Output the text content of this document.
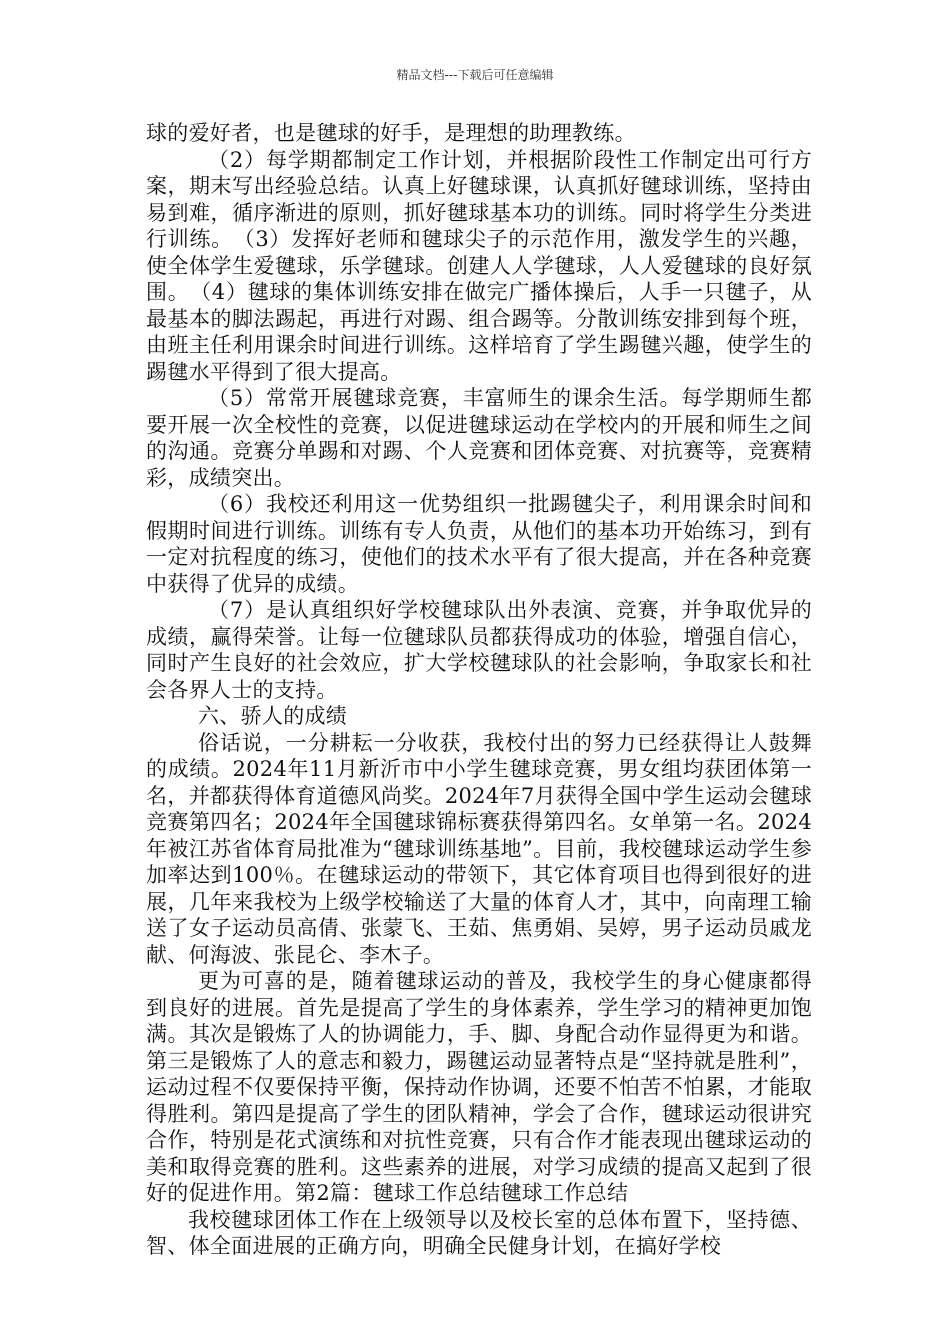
精品文档---下载后可任意编辑

球的爱好者，也是毽球的好手，是理想的助理教练。

（2）每学期都制定工作计划，并根据阶段性工作制定出可行方案，期末写出经验总结。认真上好毽球课，认真抓好毽球训练，坚持由易到难，循序渐进的原则，抓好毽球基本功的训练。同时将学生分类进行训练。　（3）发挥好老师和毽球尖子的示范作用，激发学生的兴趣，使全体学生爱毽球，乐学毽球。创建人人学毽球，人人爱毽球的良好氛围。　（4）毽球的集体训练安排在做完广播体操后，人手一只毽子，从最基本的脚法踢起，再进行对踢、组合踢等。分散训练安排到每个班，由班主任利用课余时间进行训练。这样培育了学生踢毽兴趣，使学生的踢毽水平得到了很大提高。

（5）常常开展毽球竞赛，丰富师生的课余生活。每学期师生都要开展一次全校性的竞赛，以促进毽球运动在学校内的开展和师生之间的沟通。竞赛分单踢和对踢、个人竞赛和团体竞赛、对抗赛等，竞赛精彩，成绩突出。

（6）我校还利用这一优势组织一批踢毽尖子，利用课余时间和假期时间进行训练。训练有专人负责，从他们的基本功开始练习，到有一定对抗程度的练习，使他们的技术水平有了很大提高，并在各种竞赛中获得了优异的成绩。

（7）是认真组织好学校毽球队出外表演、竞赛，并争取优异的成绩，赢得荣誉。让每一位毽球队员都获得成功的体验，增强自信心，同时产生良好的社会效应，扩大学校毽球队的社会影响，争取家长和社会各界人士的支持。

六、骄人的成绩

俗话说，一分耕耘一分收获，我校付出的努力已经获得让人鼓舞的成绩。2024年11月新沂市中小学生毽球竞赛，男女组均获团体第一名，并都获得体育道德风尚奖。2024年7月获得全国中学生运动会毽球竞赛第四名；2024年全国毽球锦标赛获得第四名。女单第一名。2024年被江苏省体育局批准为“毽球训练基地”。目前，我校毽球运动学生参加率达到100％。在毽球运动的带领下，其它体育项目也得到很好的进展，几年来我校为上级学校输送了大量的体育人才，其中，向南理工输送了女子运动员高倩、张蒙飞、王茹、焦勇娟、吴婷，男子运动员戚龙献、何海波、张昆仑、李木子。

更为可喜的是，随着毽球运动的普及，我校学生的身心健康都得到良好的进展。首先是提高了学生的身体素养，学生学习的精神更加饱满。其次是锻炼了人的协调能力，手、脚、身配合动作显得更为和谐。第三是锻炼了人的意志和毅力，踢毽运动显著特点是“坚持就是胜利”，运动过程不仅要保持平衡，保持动作协调，还要不怕苦不怕累，才能取得胜利。第四是提高了学生的团队精神，学会了合作，毽球运动很讲究合作，特别是花式演练和对抗性竞赛，只有合作才能表现出毽球运动的美和取得竞赛的胜利。这些素养的进展，对学习成绩的提高又起到了很好的促进作用。第2篇：毽球工作总结毽球工作总结

我校毽球团体工作在上级领导以及校长室的总体布置下，坚持德、智、体全面进展的正确方向，明确全民健身计划，在搞好学校
